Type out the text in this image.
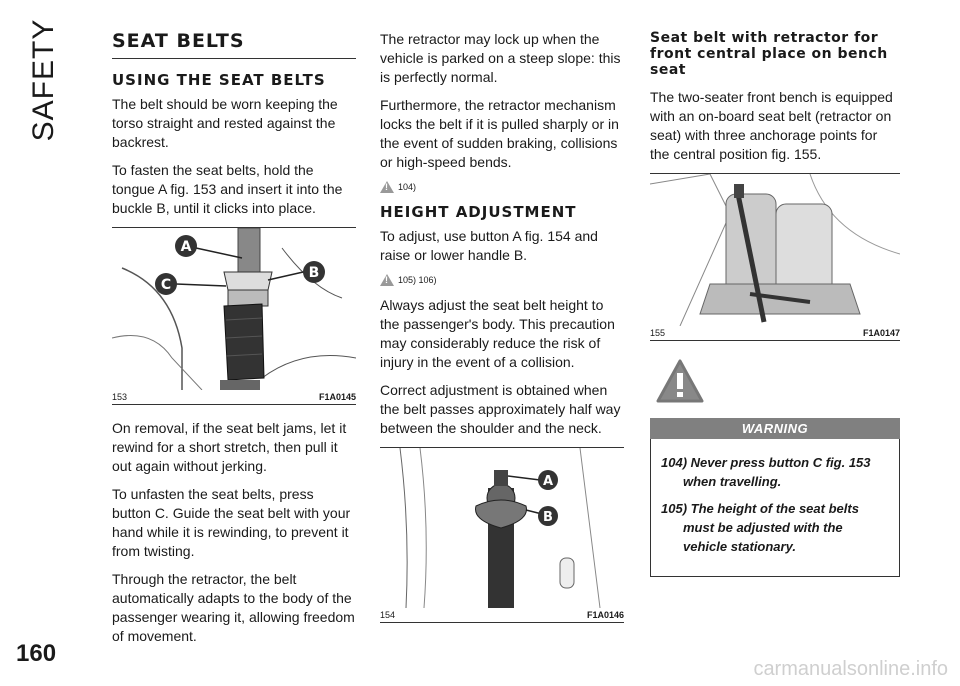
SAFETY
160
carmanualsonline.info
SEAT BELTS
USING THE SEAT BELTS

The belt should be worn keeping the torso straight and rested against the backrest.

To fasten the seat belts, hold the tongue A fig. 153 and insert it into the buckle B, until it clicks into place.

A
B
C
153	F1A0145

On removal, if the seat belt jams, let it rewind for a short stretch, then pull it out again without jerking.

To unfasten the seat belts, press button C. Guide the seat belt with your hand while it is rewinding, to prevent it from twisting.

Through the retractor, the belt automatically adapts to the body of the passenger wearing it, allowing freedom of movement.

The retractor may lock up when the vehicle is parked on a steep slope: this is perfectly normal.

Furthermore, the retractor mechanism locks the belt if it is pulled sharply or in the event of sudden braking, collisions or high-speed bends.

!
104)
HEIGHT ADJUSTMENT

To adjust, use button A fig. 154 and raise or lower handle B.

!
105) 106)

Always adjust the seat belt height to the passenger's body. This precaution may considerably reduce the risk of injury in the event of a collision.

Correct adjustment is obtained when the belt passes approximately half way between the shoulder and the neck.

A
B
154	F1A0146
Seat belt with retractor for front central place on bench seat

The two-seater front bench is equipped with an on-board seat belt (retractor on seat) with three anchorage points for the central position fig. 155.

155	F1A0147
WARNING
104) Never press button C fig. 153 when travelling.
105) The height of the seat belts must be adjusted with the vehicle stationary.
